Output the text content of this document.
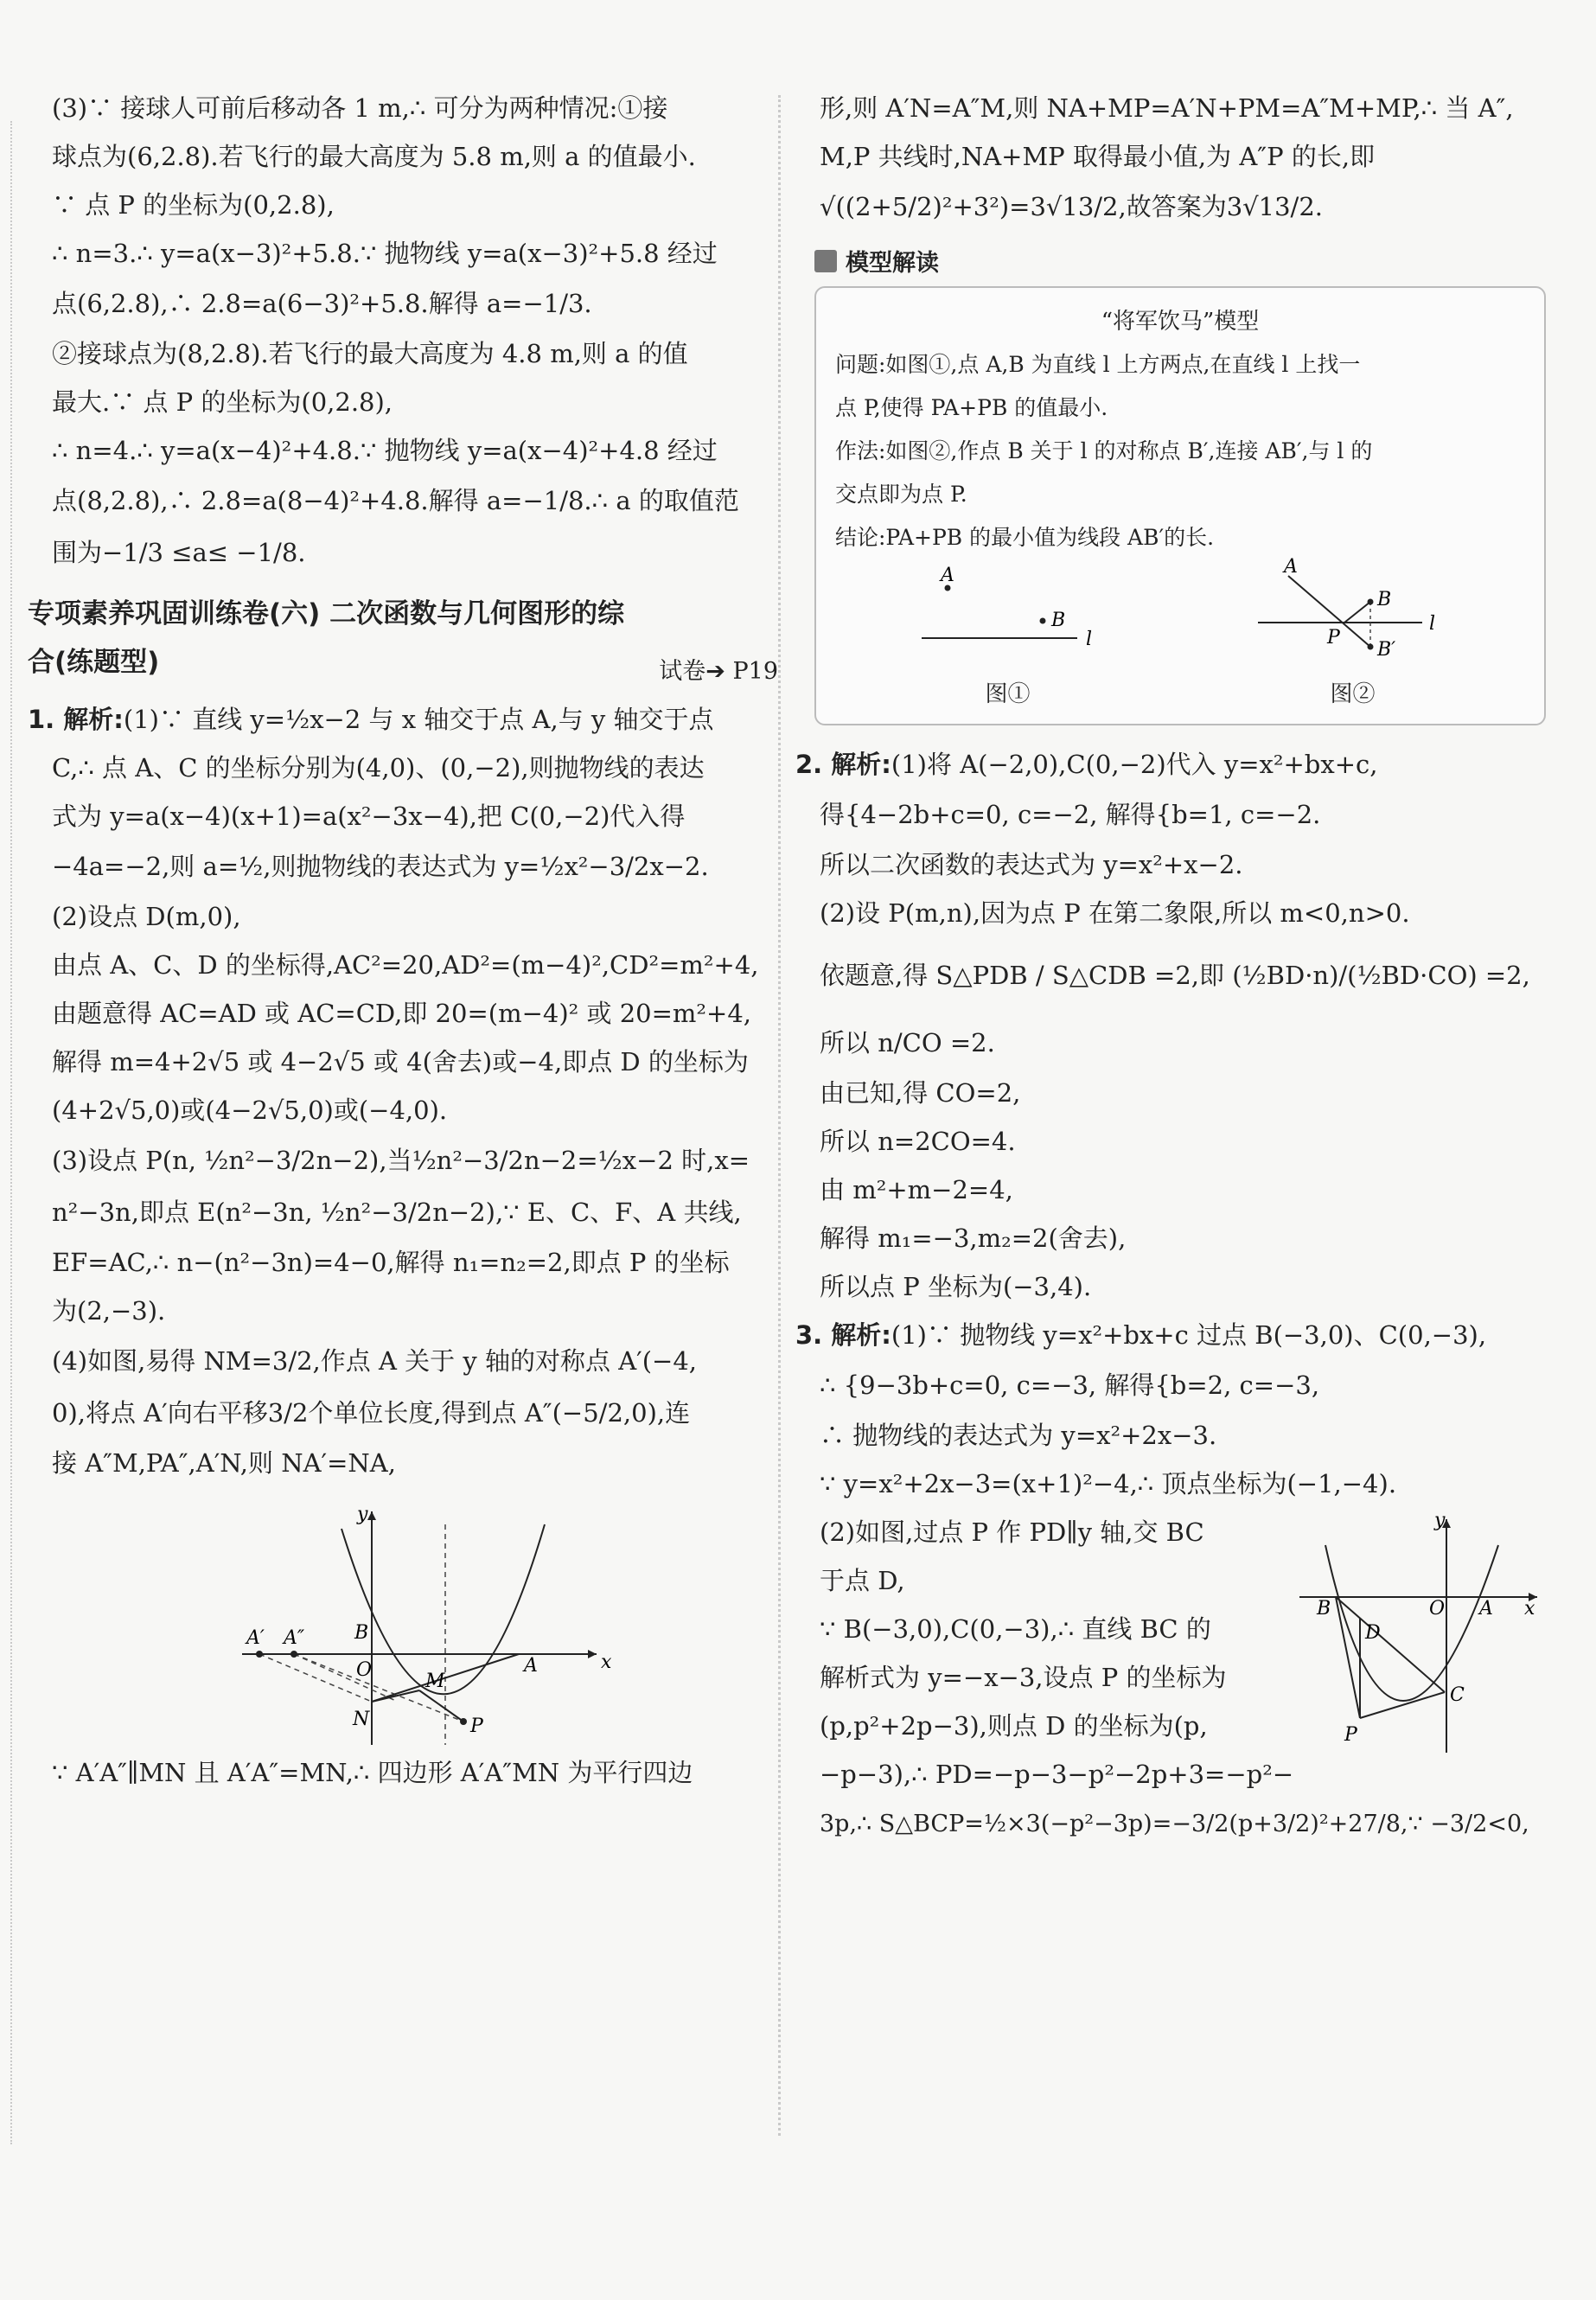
(3)∵ 接球人可前后移动各 1 m,∴ 可分为两种情况:①接

球点为(6,2.8).若飞行的最大高度为 5.8 m,则 a 的值最小.

∵ 点 P 的坐标为(0,2.8),

∴ n=3.∴ y=a(x−3)²+5.8.∵ 抛物线 y=a(x−3)²+5.8 经过

点(6,2.8),∴ 2.8=a(6−3)²+5.8.解得 a=−1/3.

②接球点为(8,2.8).若飞行的最大高度为 4.8 m,则 a 的值

最大.∵ 点 P 的坐标为(0,2.8),

∴ n=4.∴ y=a(x−4)²+4.8.∵ 抛物线 y=a(x−4)²+4.8 经过

点(8,2.8),∴ 2.8=a(8−4)²+4.8.解得 a=−1/8.∴ a 的取值范

围为−1/3 ≤a≤ −1/8.

专项素养巩固训练卷(六) 二次函数与几何图形的综
合(练题型)	试卷➔ P19

1. 解析:(1)∵ 直线 y=½x−2 与 x 轴交于点 A,与 y 轴交于点

C,∴ 点 A、C 的坐标分别为(4,0)、(0,−2),则抛物线的表达

式为 y=a(x−4)(x+1)=a(x²−3x−4),把 C(0,−2)代入得

−4a=−2,则 a=½,则抛物线的表达式为 y=½x²−3/2x−2.

(2)设点 D(m,0),

由点 A、C、D 的坐标得,AC²=20,AD²=(m−4)²,CD²=m²+4,

由题意得 AC=AD 或 AC=CD,即 20=(m−4)² 或 20=m²+4,

解得 m=4+2√5 或 4−2√5 或 4(舍去)或−4,即点 D 的坐标为

(4+2√5,0)或(4−2√5,0)或(−4,0).

(3)设点 P(n, ½n²−3/2n−2),当½n²−3/2n−2=½x−2 时,x=

n²−3n,即点 E(n²−3n, ½n²−3/2n−2),∵ E、C、F、A 共线,

EF=AC,∴ n−(n²−3n)=4−0,解得 n₁=n₂=2,即点 P 的坐标

为(2,−3).

(4)如图,易得 NM=3/2,作点 A 关于 y 轴的对称点 A′(−4,

0),将点 A′向右平移3/2个单位长度,得到点 A″(−5/2,0),连

接 A″M,PA″,A′N,则 NA′=NA,

A′ A″	B
O	A	x
y
M
N	P

∵ A′A″∥MN 且 A′A″=MN,∴ 四边形 A′A″MN 为平行四边

形,则 A′N=A″M,则 NA+MP=A′N+PM=A″M+MP,∴ 当 A″,

M,P 共线时,NA+MP 取得最小值,为 A″P 的长,即

√((2+5/2)²+3²)=3√13/2,故答案为3√13/2.

模型解读
“将军饮马”模型

问题:如图①,点 A,B 为直线 l 上方两点,在直线 l 上找一

点 P,使得 PA+PB 的值最小.

作法:如图②,作点 B 关于 l 的对称点 B′,连接 AB′,与 l 的

交点即为点 P.

结论:PA+PB 的最小值为线段 AB′的长.

A
B
l
图①
A
B
B′
P
l
图②

2. 解析:(1)将 A(−2,0),C(0,−2)代入 y=x²+bx+c,

得{4−2b+c=0, c=−2, 解得{b=1, c=−2.

所以二次函数的表达式为 y=x²+x−2.

(2)设 P(m,n),因为点 P 在第二象限,所以 m<0,n>0.

依题意,得 S△PDB / S△CDB =2,即 (½BD·n)/(½BD·CO) =2,

所以 n/CO =2.

由已知,得 CO=2,

所以 n=2CO=4.

由 m²+m−2=4,

解得 m₁=−3,m₂=2(舍去),

所以点 P 坐标为(−3,4).

3. 解析:(1)∵ 抛物线 y=x²+bx+c 过点 B(−3,0)、C(0,−3),

∴ {9−3b+c=0, c=−3, 解得{b=2, c=−3,

∴ 抛物线的表达式为 y=x²+2x−3.

∵ y=x²+2x−3=(x+1)²−4,∴ 顶点坐标为(−1,−4).

(2)如图,过点 P 作 PD∥y 轴,交 BC

于点 D,

∵ B(−3,0),C(0,−3),∴ 直线 BC 的

解析式为 y=−x−3,设点 P 的坐标为

(p,p²+2p−3),则点 D 的坐标为(p,

−p−3),∴ PD=−p−3−p²−2p+3=−p²−

3p,∴ S△BCP=½×3(−p²−3p)=−3/2(p+3/2)²+27/8,∵ −3/2<0,

y
x
B	O A
D
C
P
